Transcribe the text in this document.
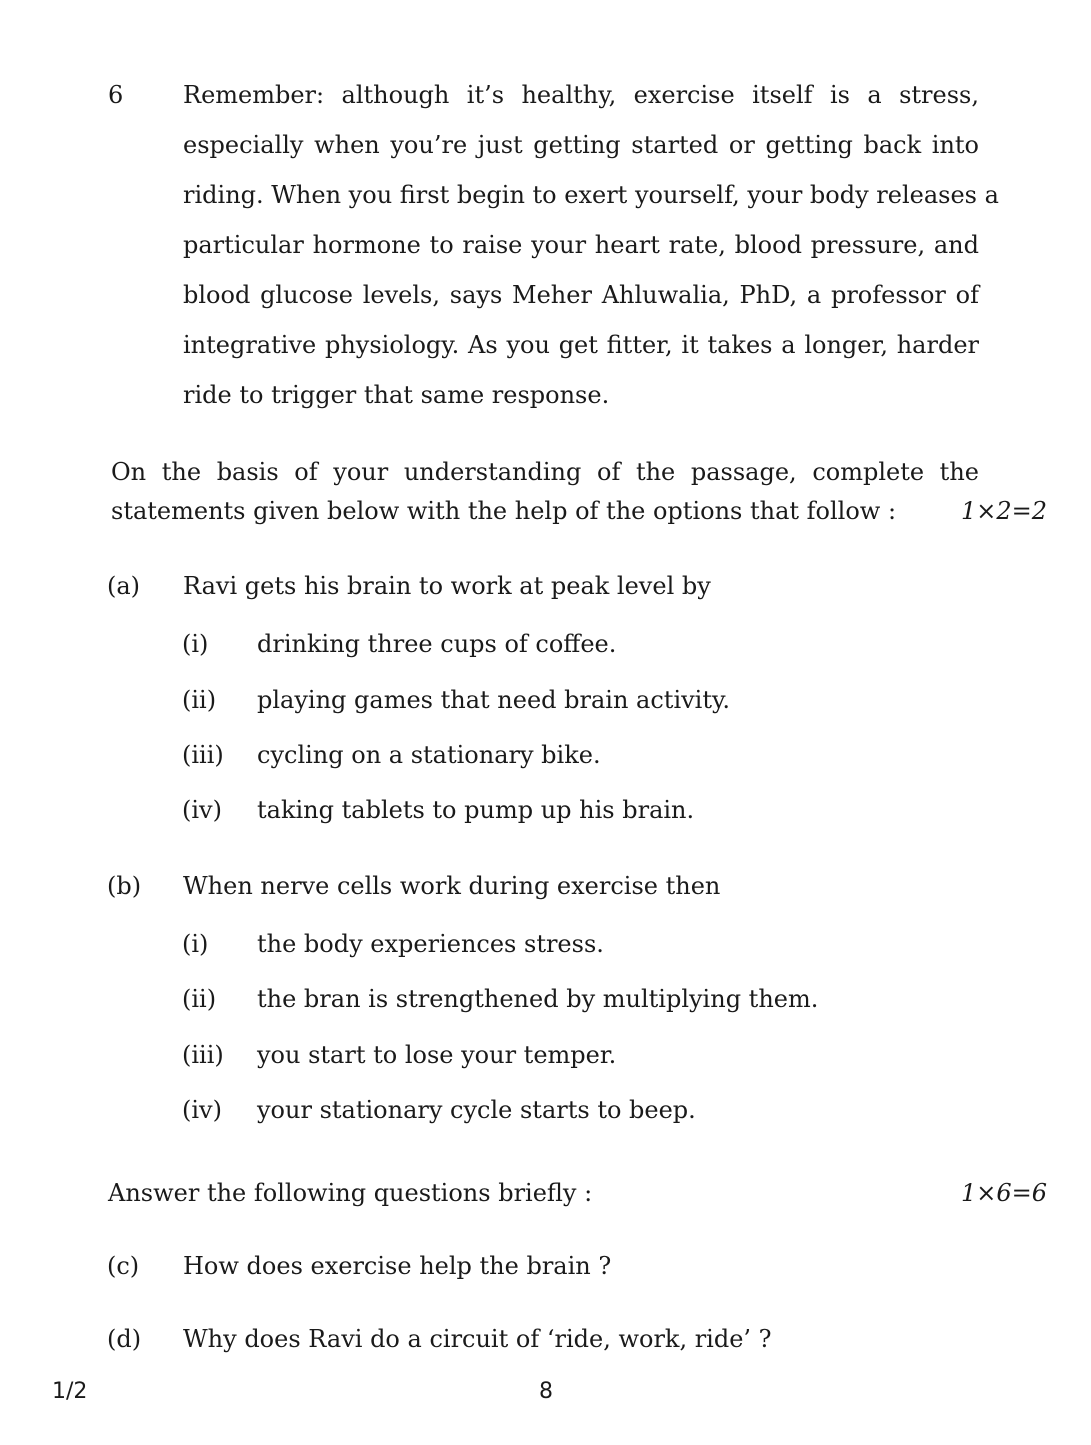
6	Remember: although it’s healthy, exercise itself is a stress,
especially when you’re just getting started or getting back into
riding. When you first begin to exert yourself, your body releases a
particular hormone to raise your heart rate, blood pressure, and
blood glucose levels, says Meher Ahluwalia, PhD, a professor of
integrative physiology. As you get fitter, it takes a longer, harder
ride to trigger that same response.
On the basis of your understanding of the passage, complete the
statements given below with the help of the options that follow :	1×2=2
(a) Ravi gets his brain to work at peak level by
(i) drinking three cups of coffee.
(ii) playing games that need brain activity.
(iii) cycling on a stationary bike.
(iv) taking tablets to pump up his brain.
(b) When nerve cells work during exercise then
(i) the body experiences stress.
(ii) the bran is strengthened by multiplying them.
(iii) you start to lose your temper.
(iv) your stationary cycle starts to beep.
Answer the following questions briefly :	1×6=6
(c) How does exercise help the brain ?
(d) Why does Ravi do a circuit of ‘ride, work, ride’ ?
1/2	8
